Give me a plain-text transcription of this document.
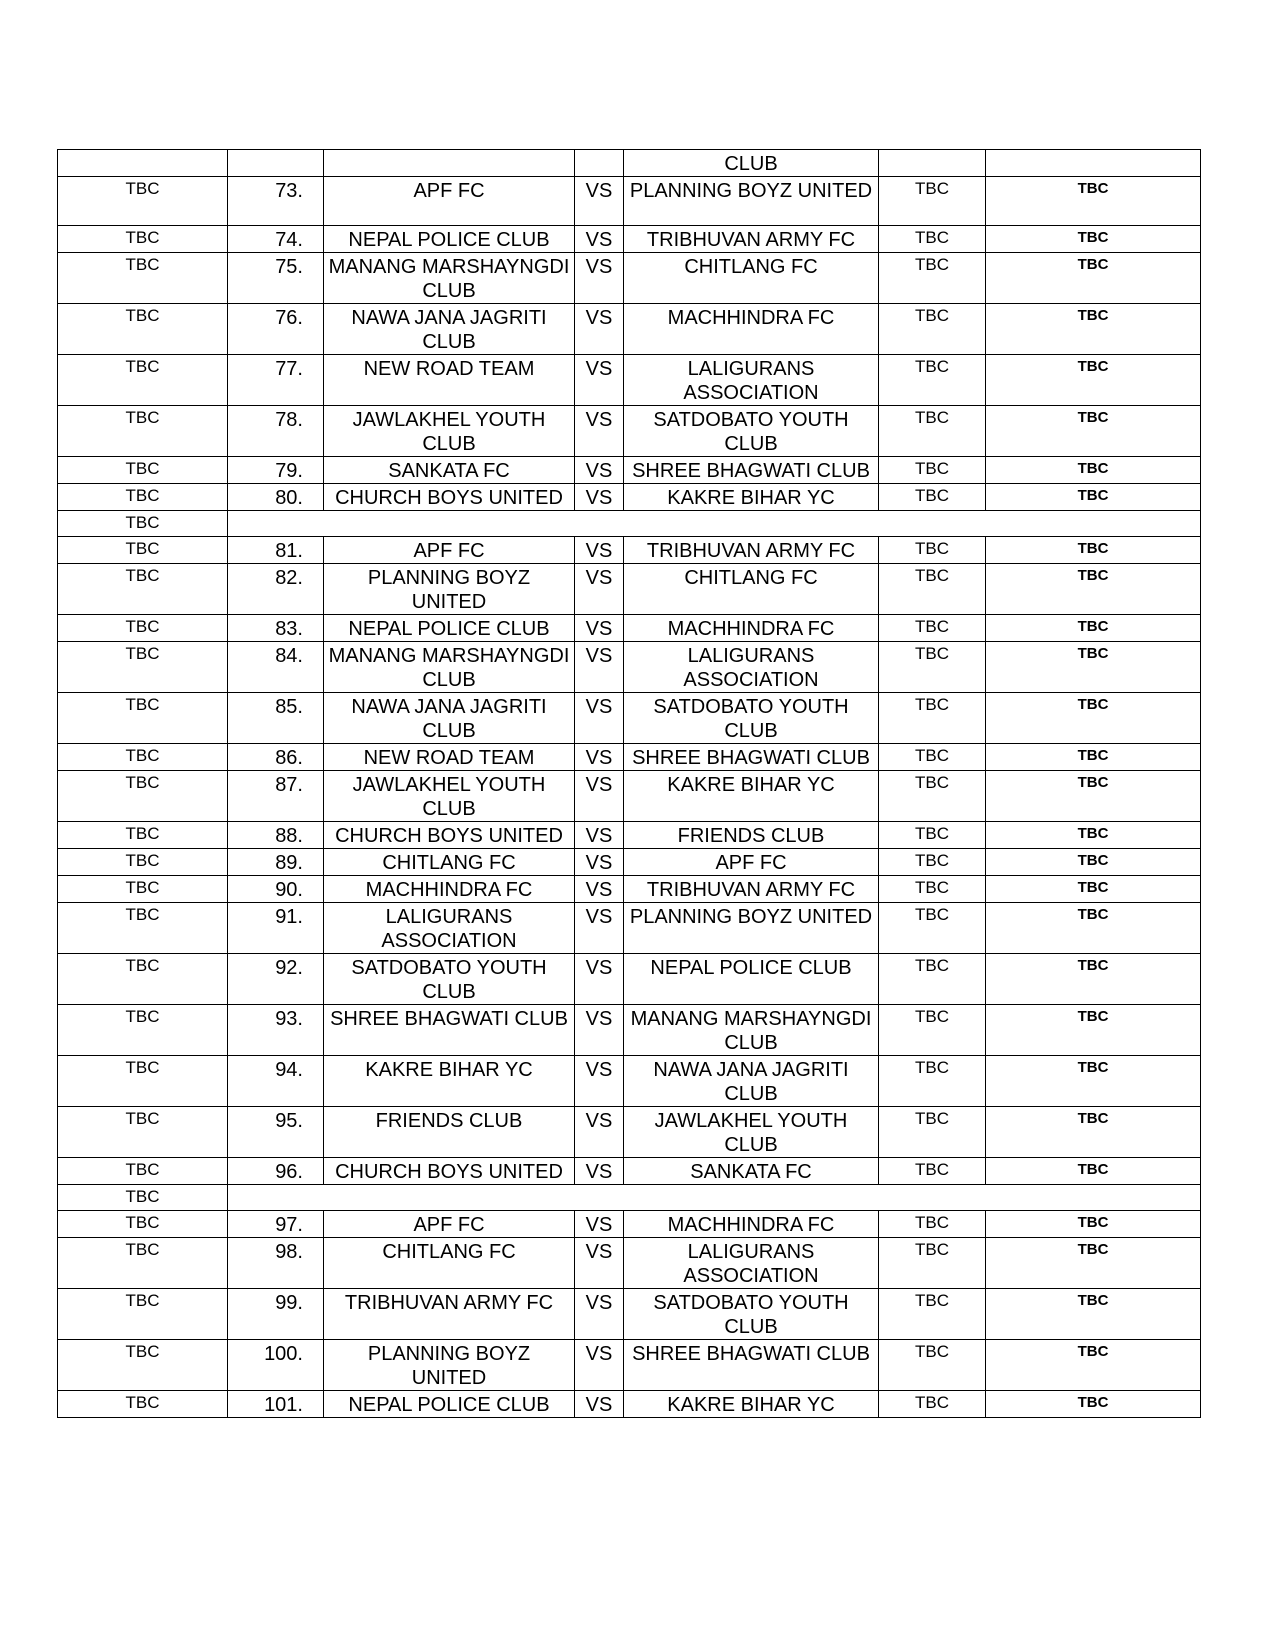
				CLUB		
TBC	73.	APF FC	VS	PLANNING BOYZ UNITED	TBC	TBC
TBC	74.	NEPAL POLICE CLUB	VS	TRIBHUVAN ARMY FC	TBC	TBC
TBC	75.	MANANG MARSHAYNGDI CLUB	VS	CHITLANG FC	TBC	TBC
TBC	76.	NAWA JANA JAGRITI CLUB	VS	MACHHINDRA FC	TBC	TBC
TBC	77.	NEW ROAD TEAM	VS	LALIGURANS ASSOCIATION	TBC	TBC
TBC	78.	JAWLAKHEL YOUTH CLUB	VS	SATDOBATO YOUTH CLUB	TBC	TBC
TBC	79.	SANKATA FC	VS	SHREE BHAGWATI CLUB	TBC	TBC
TBC	80.	CHURCH BOYS UNITED	VS	KAKRE BIHAR YC	TBC	TBC
TBC						
TBC	81.	APF FC	VS	TRIBHUVAN ARMY FC	TBC	TBC
TBC	82.	PLANNING BOYZ UNITED	VS	CHITLANG FC	TBC	TBC
TBC	83.	NEPAL POLICE CLUB	VS	MACHHINDRA FC	TBC	TBC
TBC	84.	MANANG MARSHAYNGDI CLUB	VS	LALIGURANS ASSOCIATION	TBC	TBC
TBC	85.	NAWA JANA JAGRITI CLUB	VS	SATDOBATO YOUTH CLUB	TBC	TBC
TBC	86.	NEW ROAD TEAM	VS	SHREE BHAGWATI CLUB	TBC	TBC
TBC	87.	JAWLAKHEL YOUTH CLUB	VS	KAKRE BIHAR YC	TBC	TBC
TBC	88.	CHURCH BOYS UNITED	VS	FRIENDS CLUB	TBC	TBC
TBC	89.	CHITLANG FC	VS	APF FC	TBC	TBC
TBC	90.	MACHHINDRA FC	VS	TRIBHUVAN ARMY FC	TBC	TBC
TBC	91.	LALIGURANS ASSOCIATION	VS	PLANNING BOYZ UNITED	TBC	TBC
TBC	92.	SATDOBATO YOUTH CLUB	VS	NEPAL POLICE CLUB	TBC	TBC
TBC	93.	SHREE BHAGWATI CLUB	VS	MANANG MARSHAYNGDI CLUB	TBC	TBC
TBC	94.	KAKRE BIHAR YC	VS	NAWA JANA JAGRITI CLUB	TBC	TBC
TBC	95.	FRIENDS CLUB	VS	JAWLAKHEL YOUTH CLUB	TBC	TBC
TBC	96.	CHURCH BOYS UNITED	VS	SANKATA FC	TBC	TBC
TBC						
TBC	97.	APF FC	VS	MACHHINDRA FC	TBC	TBC
TBC	98.	CHITLANG FC	VS	LALIGURANS ASSOCIATION	TBC	TBC
TBC	99.	TRIBHUVAN ARMY FC	VS	SATDOBATO YOUTH CLUB	TBC	TBC
TBC	100.	PLANNING BOYZ UNITED	VS	SHREE BHAGWATI CLUB	TBC	TBC
TBC	101.	NEPAL POLICE CLUB	VS	KAKRE BIHAR YC	TBC	TBC
